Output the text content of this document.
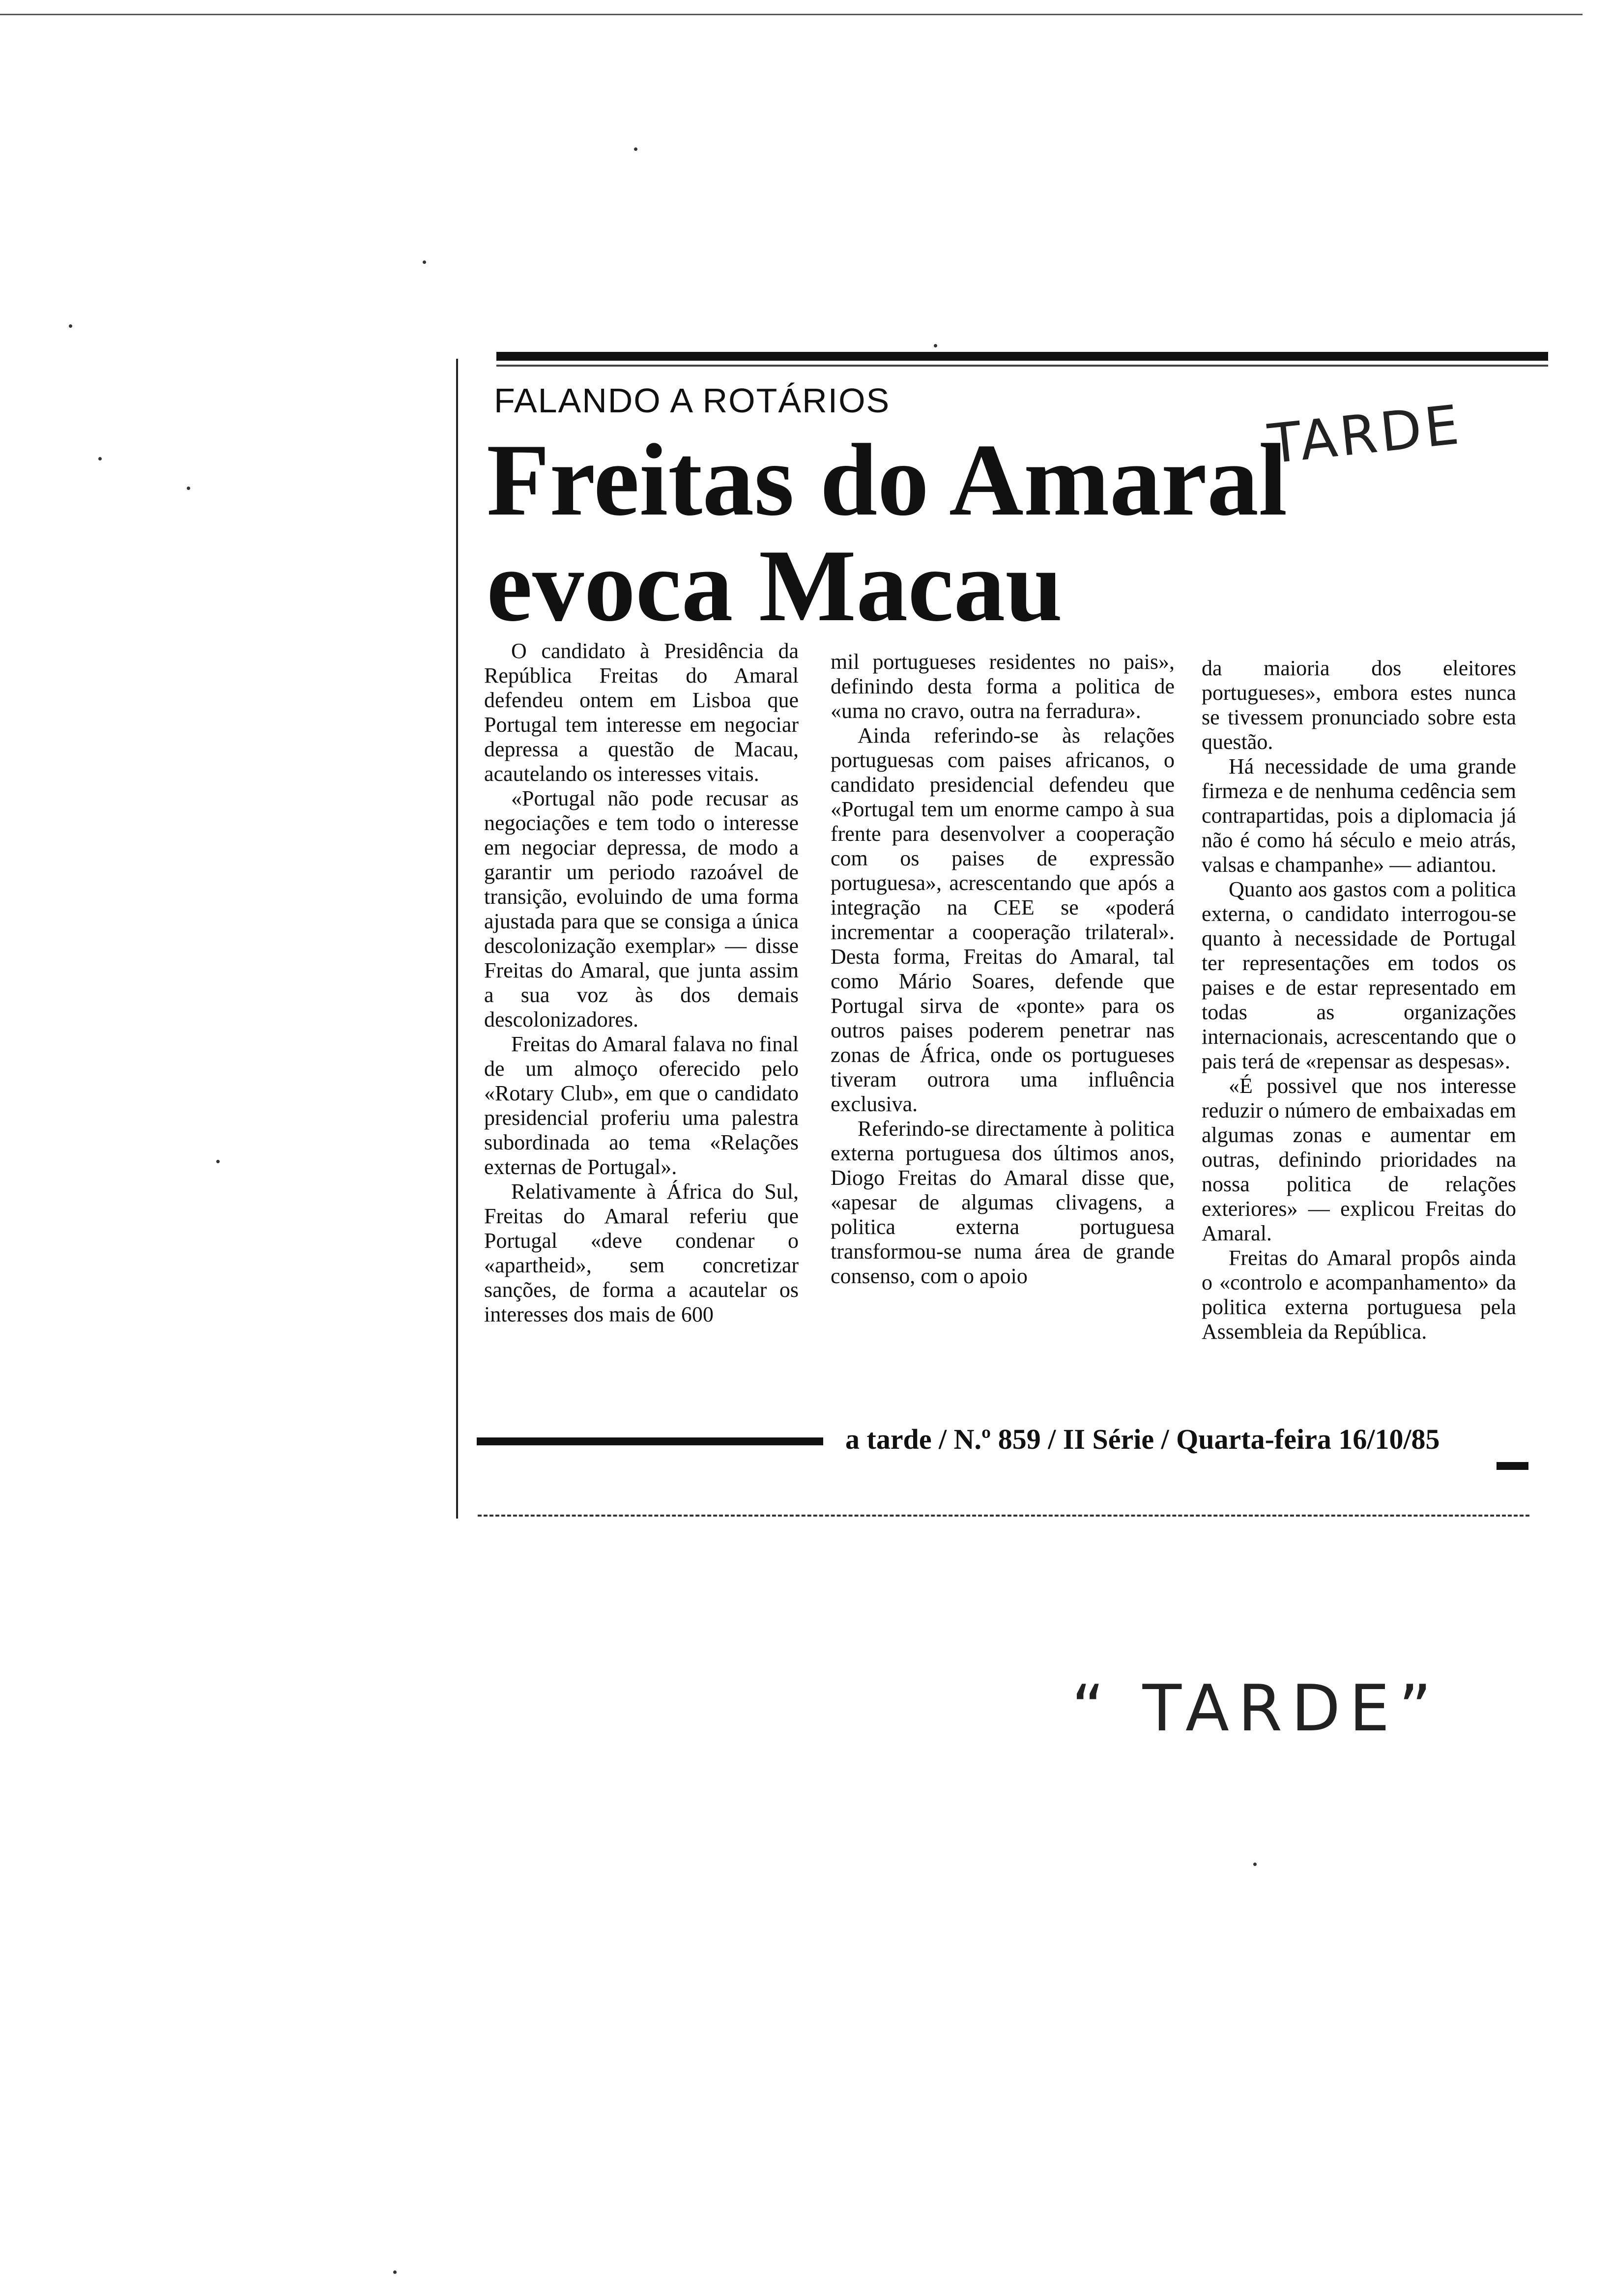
FALANDO A ROTÁRIOS
Freitas do Amaral
evoca Macau
TARDE

O candidato à Presidência da República Freitas do Amaral defendeu ontem em Lisboa que Portugal tem interesse em negociar depressa a questão de Macau, acautelando os interesses vitais.

«Portugal não pode recusar as negociações e tem todo o interesse em negociar depressa, de modo a garantir um periodo razoável de transição, evoluindo de uma forma ajustada para que se consiga a única descolonização exemplar» — disse Freitas do Amaral, que junta assim a sua voz às dos demais descolonizadores.

Freitas do Amaral falava no final de um almoço oferecido pelo «Rotary Club», em que o candidato presidencial proferiu uma palestra subordinada ao tema «Relações externas de Portugal».

Relativamente à África do Sul, Freitas do Amaral referiu que Portugal «deve condenar o «apartheid», sem concretizar sanções, de forma a acautelar os interesses dos mais de 600

mil portugueses residentes no pais», definindo desta forma a politica de «uma no cravo, outra na ferradura».

Ainda referindo-se às relações portuguesas com paises africanos, o candidato presidencial defendeu que «Portugal tem um enorme campo à sua frente para desenvolver a cooperação com os paises de expressão portuguesa», acrescentando que após a integração na CEE se «poderá incrementar a cooperação trilateral». Desta forma, Freitas do Amaral, tal como Mário Soares, defende que Portugal sirva de «ponte» para os outros paises poderem penetrar nas zonas de África, onde os portugueses tiveram outrora uma influência exclusiva.

Referindo-se directamente à politica externa portuguesa dos últimos anos, Diogo Freitas do Amaral disse que, «apesar de algumas clivagens, a politica externa portuguesa transformou-se numa área de grande consenso, com o apoio

da maioria dos eleitores portugueses», embora estes nunca se tivessem pronunciado sobre esta questão.

Há necessidade de uma grande firmeza e de nenhuma cedência sem contrapartidas, pois a diplomacia já não é como há século e meio atrás, valsas e champanhe» — adiantou.

Quanto aos gastos com a politica externa, o candidato interrogou-se quanto à necessidade de Portugal ter representações em todos os paises e de estar representado em todas as organizações internacionais, acrescentando que o pais terá de «repensar as despesas».

«É possivel que nos interesse reduzir o número de embaixadas em algumas zonas e aumentar em outras, definindo prioridades na nossa politica de relações exteriores» — explicou Freitas do Amaral.

Freitas do Amaral propôs ainda o «controlo e acompanhamento» da politica externa portuguesa pela Assembleia da República.

a tarde / N.º 859 / II Série / Quarta-feira 16/10/85
“ TARDE”
